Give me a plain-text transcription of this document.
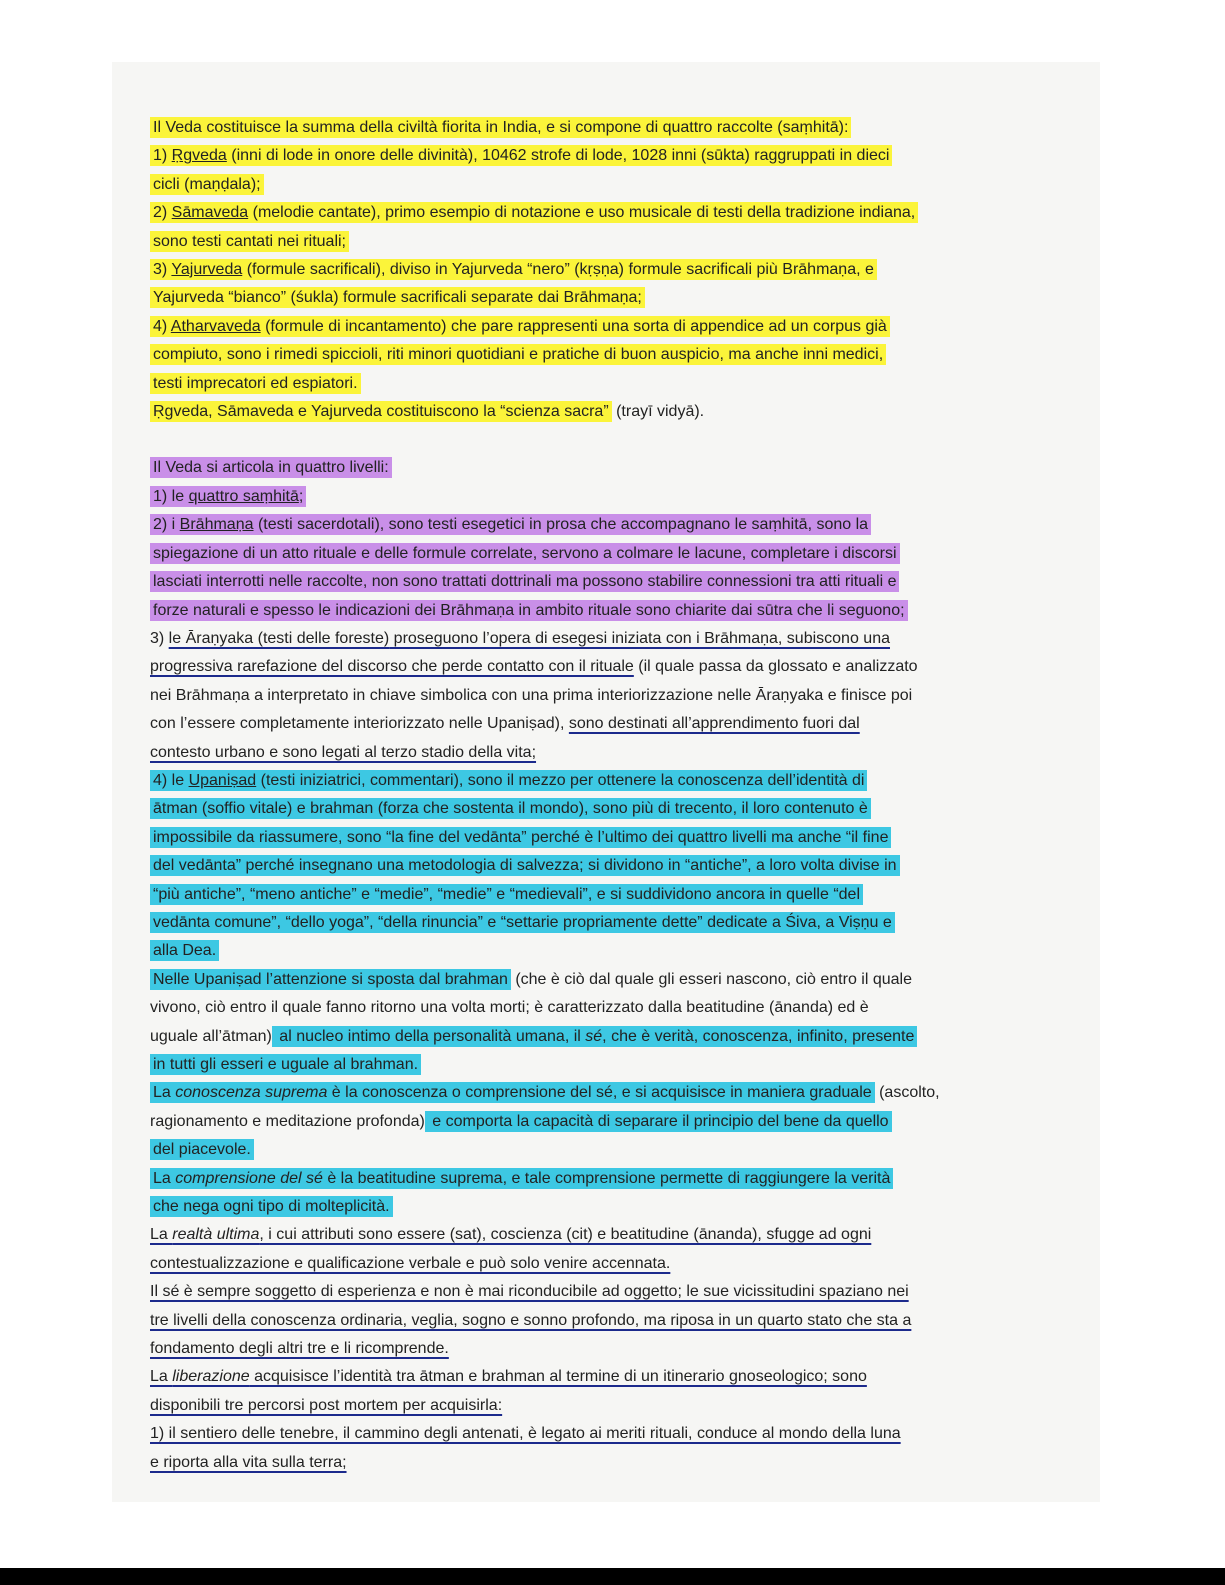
Il Veda costituisce la summa della civiltà fiorita in India, e si compone di quattro raccolte (saṃhitā):
1) Ṛgveda (inni di lode in onore delle divinità), 10462 strofe di lode, 1028 inni (sūkta) raggruppati in dieci
cicli (maṇḍala);
2) Sāmaveda (melodie cantate), primo esempio di notazione e uso musicale di testi della tradizione indiana,
sono testi cantati nei rituali;
3) Yajurveda (formule sacrificali), diviso in Yajurveda “nero” (kṛṣṇa) formule sacrificali più Brāhmaṇa, e
Yajurveda “bianco” (śukla) formule sacrificali separate dai Brāhmaṇa;
4) Atharvaveda (formule di incantamento) che pare rappresenti una sorta di appendice ad un corpus già
compiuto, sono i rimedi spiccioli, riti minori quotidiani e pratiche di buon auspicio, ma anche inni medici,
testi imprecatori ed espiatori.
Ṛgveda, Sāmaveda e Yajurveda costituiscono la “scienza sacra” (trayī vidyā).
Il Veda si articola in quattro livelli:
1) le quattro saṃhitā;
2) i Brāhmaṇa (testi sacerdotali), sono testi esegetici in prosa che accompagnano le saṃhitā, sono la
spiegazione di un atto rituale e delle formule correlate, servono a colmare le lacune, completare i discorsi
lasciati interrotti nelle raccolte, non sono trattati dottrinali ma possono stabilire connessioni tra atti rituali e
forze naturali e spesso le indicazioni dei Brāhmaṇa in ambito rituale sono chiarite dai sūtra che li seguono;
3) le Āraṇyaka (testi delle foreste) proseguono l’opera di esegesi iniziata con i Brāhmaṇa, subiscono una
progressiva rarefazione del discorso che perde contatto con il rituale (il quale passa da glossato e analizzato
nei Brāhmaṇa a interpretato in chiave simbolica con una prima interiorizzazione nelle Āraṇyaka e finisce poi
con l’essere completamente interiorizzato nelle Upaniṣad), sono destinati all’apprendimento fuori dal
contesto urbano e sono legati al terzo stadio della vita;
4) le Upaniṣad (testi iniziatrici, commentari), sono il mezzo per ottenere la conoscenza dell’identità di
ātman (soffio vitale) e brahman (forza che sostenta il mondo), sono più di trecento, il loro contenuto è
impossibile da riassumere, sono “la fine del vedānta” perché è l’ultimo dei quattro livelli ma anche “il fine
del vedānta” perché insegnano una metodologia di salvezza; si dividono in “antiche”, a loro volta divise in
“più antiche”, “meno antiche” e “medie”, “medie” e “medievali”, e si suddividono ancora in quelle “del
vedānta comune”, “dello yoga”, “della rinuncia” e “settarie propriamente dette” dedicate a Śiva, a Viṣṇu e
alla Dea.
Nelle Upaniṣad l’attenzione si sposta dal brahman (che è ciò dal quale gli esseri nascono, ciò entro il quale
vivono, ciò entro il quale fanno ritorno una volta morti; è caratterizzato dalla beatitudine (ānanda) ed è
uguale all’ātman) al nucleo intimo della personalità umana, il sé, che è verità, conoscenza, infinito, presente
in tutti gli esseri e uguale al brahman.
La conoscenza suprema è la conoscenza o comprensione del sé, e si acquisisce in maniera graduale (ascolto,
ragionamento e meditazione profonda) e comporta la capacità di separare il principio del bene da quello
del piacevole.
La comprensione del sé è la beatitudine suprema, e tale comprensione permette di raggiungere la verità
che nega ogni tipo di molteplicità.
La realtà ultima, i cui attributi sono essere (sat), coscienza (cit) e beatitudine (ānanda), sfugge ad ogni
contestualizzazione e qualificazione verbale e può solo venire accennata.
Il sé è sempre soggetto di esperienza e non è mai riconducibile ad oggetto; le sue vicissitudini spaziano nei
tre livelli della conoscenza ordinaria, veglia, sogno e sonno profondo, ma riposa in un quarto stato che sta a
fondamento degli altri tre e li ricomprende.
La liberazione acquisisce l’identità tra ātman e brahman al termine di un itinerario gnoseologico; sono
disponibili tre percorsi post mortem per acquisirla:
1) il sentiero delle tenebre, il cammino degli antenati, è legato ai meriti rituali, conduce al mondo della luna
e riporta alla vita sulla terra;
